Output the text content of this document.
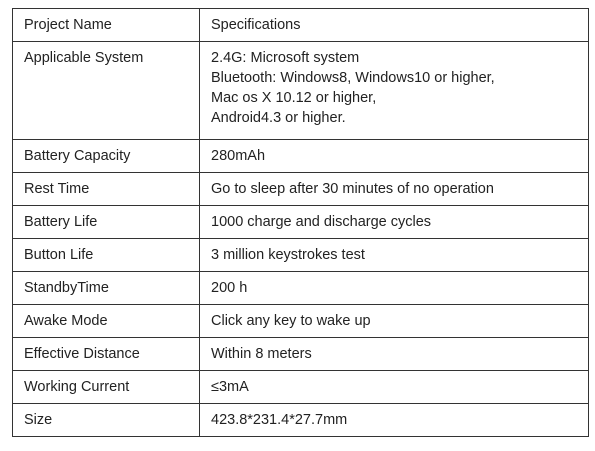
Project Name	Specifications
Applicable System	2.4G: Microsoft system
Bluetooth: Windows8, Windows10 or higher,
Mac os X 10.12 or higher,
Android4.3 or higher.

Battery Capacity	280mAh
Rest Time	Go to sleep after 30 minutes of no operation
Battery Life	1000 charge and discharge cycles
Button Life	3 million keystrokes test
StandbyTime	200 h
Awake Mode	Click any key to wake up
Effective Distance	Within 8 meters
Working Current	≤3mA
Size	423.8*231.4*27.7mm
